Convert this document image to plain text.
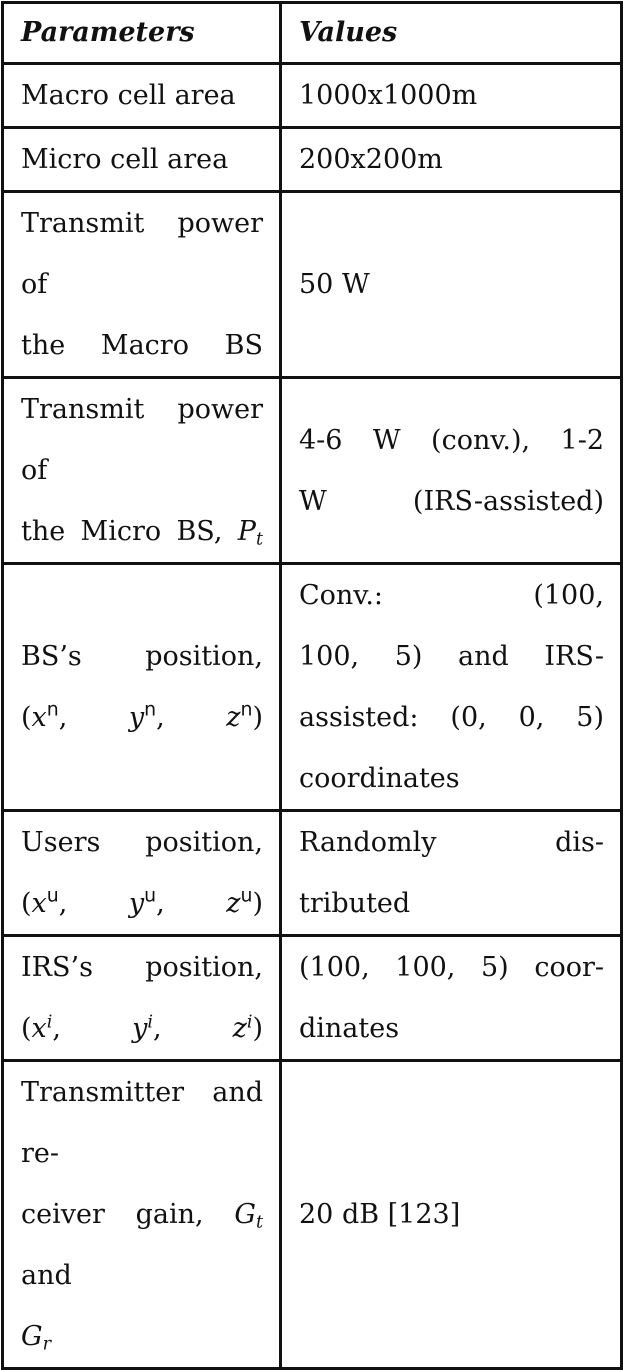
Parameters	Values
Macro cell area	1000x1000m
Micro cell area	200x200m

Transmit power of
the Macro BS	50 W

Transmit power of
the Micro BS, $P_t$	4-6 W (conv.), 1-2
W (IRS-assisted)

BS’s position,
($x^n$, $y^n$, $z^n$)	Conv.: (100,
100, 5) and IRS-
assisted: (0, 0, 5)
coordinates

Users position,
($x^u$, $y^u$, $z^u$)	Randomly dis-
tributed

IRS’s position,
($x^i$, $y^i$, $z^i$)	(100, 100, 5) coor-
dinates

Transmitter and re-
ceiver gain, $G_t$ and
$G_r$	20 dB [123]
